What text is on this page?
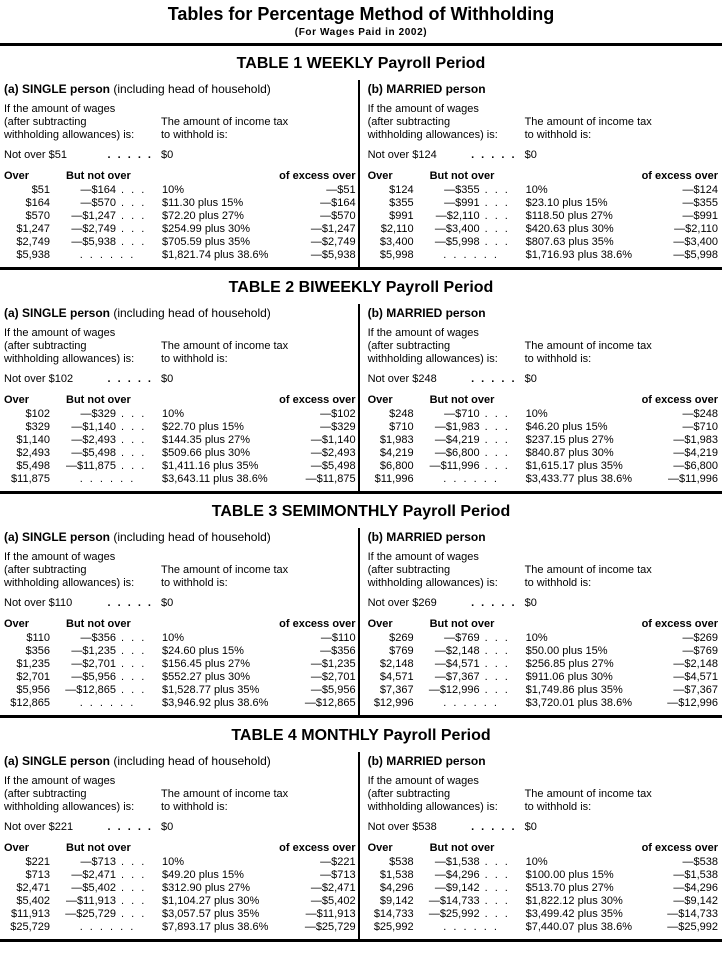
Tables for Percentage Method of Withholding
(For Wages Paid in 2002)
TABLE 1 WEEKLY Payroll Period
(a) SINGLE person (including head of household)
If the amount of wages
(after subtracting
withholding allowances) is:
The amount of income tax
to withhold is:
Not over $51	. . . . . $0
Over	But not over	of excess over
$51	—$164 . . .	10%	—$51
$164	—$570 . . .	$11.30 plus 15%	—$164
$570	—$1,247 . . .	$72.20 plus 27%	—$570
$1,247	—$2,749 . . .	$254.99 plus 30%	—$1,247
$2,749	—$5,938 . . .	$705.59 plus 35%	—$2,749
$5,938	. . . . . .	$1,821.74 plus 38.6%	—$5,938
(b) MARRIED person
If the amount of wages
(after subtracting
withholding allowances) is:
The amount of income tax
to withhold is:
Not over $124	. . . . . $0
Over	But not over	of excess over
$124	—$355 . . .	10%	—$124
$355	—$991 . . .	$23.10 plus 15%	—$355
$991	—$2,110 . . .	$118.50 plus 27%	—$991
$2,110	—$3,400 . . .	$420.63 plus 30%	—$2,110
$3,400	—$5,998 . . .	$807.63 plus 35%	—$3,400
$5,998	. . . . . .	$1,716.93 plus 38.6%	—$5,998
TABLE 2 BIWEEKLY Payroll Period
(a) SINGLE person (including head of household)
If the amount of wages
(after subtracting
withholding allowances) is:
The amount of income tax
to withhold is:
Not over $102	. . . . . $0
Over	But not over	of excess over
$102	—$329 . . .	10%	—$102
$329	—$1,140 . . .	$22.70 plus 15%	—$329
$1,140	—$2,493 . . .	$144.35 plus 27%	—$1,140
$2,493	—$5,498 . . .	$509.66 plus 30%	—$2,493
$5,498	—$11,875 . . .	$1,411.16 plus 35%	—$5,498
$11,875	. . . . . .	$3,643.11 plus 38.6%	—$11,875
(b) MARRIED person
If the amount of wages
(after subtracting
withholding allowances) is:
The amount of income tax
to withhold is:
Not over $248	. . . . . $0
Over	But not over	of excess over
$248	—$710 . . .	10%	—$248
$710	—$1,983 . . .	$46.20 plus 15%	—$710
$1,983	—$4,219 . . .	$237.15 plus 27%	—$1,983
$4,219	—$6,800 . . .	$840.87 plus 30%	—$4,219
$6,800	—$11,996 . . .	$1,615.17 plus 35%	—$6,800
$11,996	. . . . . .	$3,433.77 plus 38.6%	—$11,996
TABLE 3 SEMIMONTHLY Payroll Period
(a) SINGLE person (including head of household)
If the amount of wages
(after subtracting
withholding allowances) is:
The amount of income tax
to withhold is:
Not over $110	. . . . . $0
Over	But not over	of excess over
$110	—$356 . . .	10%	—$110
$356	—$1,235 . . .	$24.60 plus 15%	—$356
$1,235	—$2,701 . . .	$156.45 plus 27%	—$1,235
$2,701	—$5,956 . . .	$552.27 plus 30%	—$2,701
$5,956	—$12,865 . . .	$1,528.77 plus 35%	—$5,956
$12,865	. . . . . .	$3,946.92 plus 38.6%	—$12,865
(b) MARRIED person
If the amount of wages
(after subtracting
withholding allowances) is:
The amount of income tax
to withhold is:
Not over $269	. . . . . $0
Over	But not over	of excess over
$269	—$769 . . .	10%	—$269
$769	—$2,148 . . .	$50.00 plus 15%	—$769
$2,148	—$4,571 . . .	$256.85 plus 27%	—$2,148
$4,571	—$7,367 . . .	$911.06 plus 30%	—$4,571
$7,367	—$12,996 . . .	$1,749.86 plus 35%	—$7,367
$12,996	. . . . . .	$3,720.01 plus 38.6%	—$12,996
TABLE 4 MONTHLY Payroll Period
(a) SINGLE person (including head of household)
If the amount of wages
(after subtracting
withholding allowances) is:
The amount of income tax
to withhold is:
Not over $221	. . . . . $0
Over	But not over	of excess over
$221	—$713 . . .	10%	—$221
$713	—$2,471 . . .	$49.20 plus 15%	—$713
$2,471	—$5,402 . . .	$312.90 plus 27%	—$2,471
$5,402	—$11,913 . . .	$1,104.27 plus 30%	—$5,402
$11,913	—$25,729 . . .	$3,057.57 plus 35%	—$11,913
$25,729	. . . . . .	$7,893.17 plus 38.6%	—$25,729
(b) MARRIED person
If the amount of wages
(after subtracting
withholding allowances) is:
The amount of income tax
to withhold is:
Not over $538	. . . . . $0
Over	But not over	of excess over
$538	—$1,538 . . .	10%	—$538
$1,538	—$4,296 . . .	$100.00 plus 15%	—$1,538
$4,296	—$9,142 . . .	$513.70 plus 27%	—$4,296
$9,142	—$14,733 . . .	$1,822.12 plus 30%	—$9,142
$14,733	—$25,992 . . .	$3,499.42 plus 35%	—$14,733
$25,992	. . . . . .	$7,440.07 plus 38.6%	—$25,992
